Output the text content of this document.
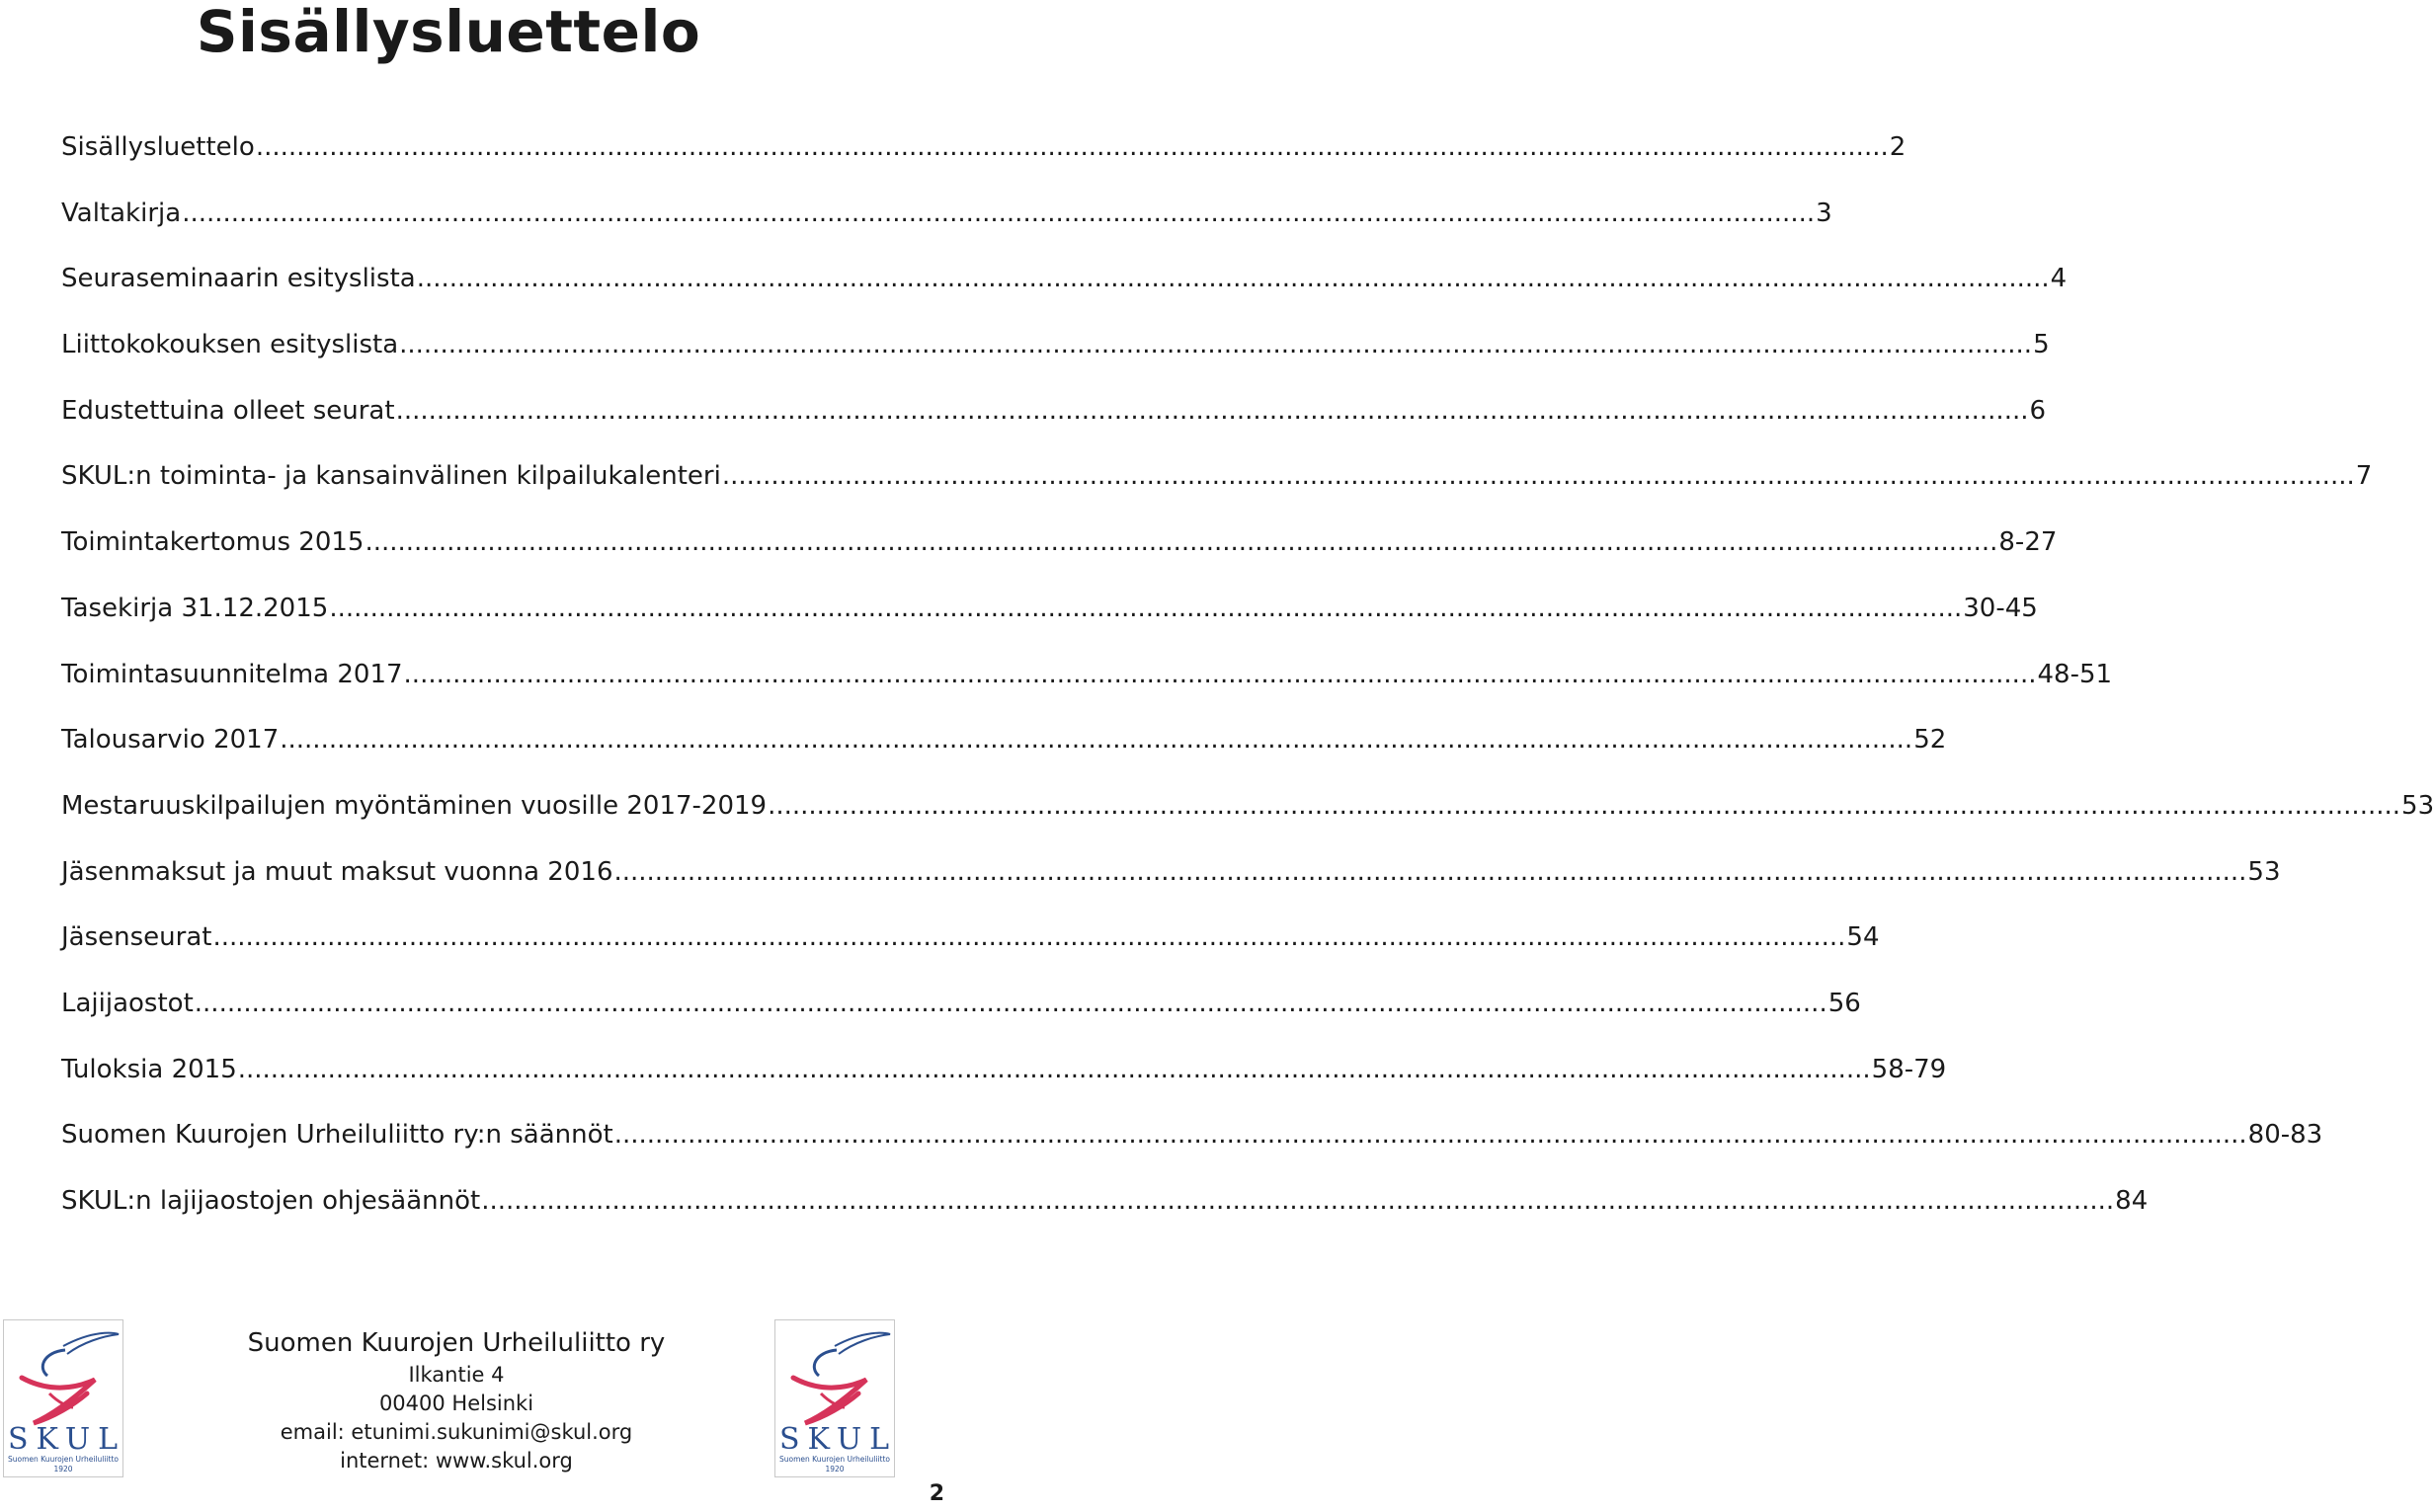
Sisällysluettelo
Sisällysluettelo ........................................................................................................................................................................................................ 2
Valtakirja ........................................................................................................................................................................................................ 3
Seuraseminaarin esityslista ........................................................................................................................................................................................................ 4
Liittokokouksen esityslista ........................................................................................................................................................................................................ 5
Edustettuina olleet seurat ........................................................................................................................................................................................................ 6
SKUL:n toiminta- ja kansainvälinen kilpailukalenteri ........................................................................................................................................................................................................ 7
Toimintakertomus 2015 ........................................................................................................................................................................................................ 8-27
Tasekirja 31.12.2015 ........................................................................................................................................................................................................ 30-45
Toimintasuunnitelma 2017 ........................................................................................................................................................................................................ 48-51
Talousarvio 2017 ........................................................................................................................................................................................................ 52
Mestaruuskilpailujen myöntäminen vuosille 2017-2019 ........................................................................................................................................................................................................ 53
Jäsenmaksut ja muut maksut vuonna 2016 ........................................................................................................................................................................................................ 53
Jäsenseurat ........................................................................................................................................................................................................ 54
Lajijaostot ........................................................................................................................................................................................................ 56
Tuloksia 2015 ........................................................................................................................................................................................................ 58-79
Suomen Kuurojen Urheiluliitto ry:n säännöt ........................................................................................................................................................................................................ 80-83
SKUL:n lajijaostojen ohjesäännöt ........................................................................................................................................................................................................ 84
SKUL
Suomen Kuurojen Urheiluliitto
1920
Suomen Kuurojen Urheiluliitto ry
Ilkantie 4
00400 Helsinki
email: etunimi.sukunimi@skul.org
internet: www.skul.org
SKUL
Suomen Kuurojen Urheiluliitto
1920
2
